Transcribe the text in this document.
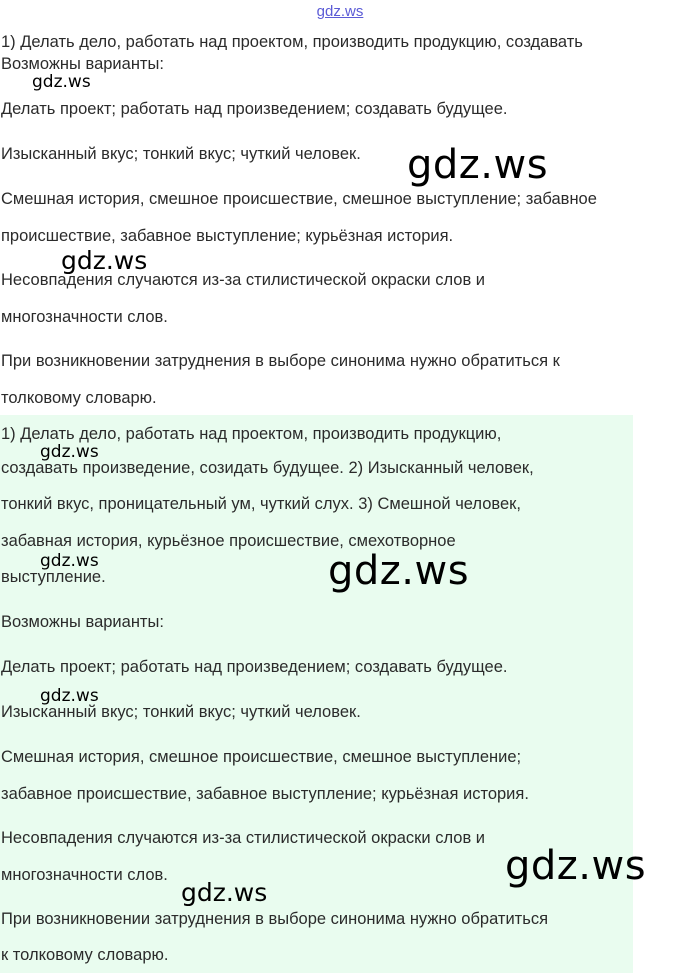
gdz.ws

1) Делать дело, работать над проектом, производить продукцию, создавать

Возможны варианты:

Делать проект; работать над произведением; создавать будущее.

Изысканный вкус; тонкий вкус; чуткий человек.

Смешная история, смешное происшествие, смешное выступление; забавное

происшествие, забавное выступление; курьёзная история.

Несовпадения случаются из-за стилистической окраски слов и

многозначности слов.

При возникновении затруднения в выборе синонима нужно обратиться к

толковому словарю.

1) Делать дело, работать над проектом, производить продукцию,

создавать произведение, созидать будущее. 2) Изысканный человек,

тонкий вкус, проницательный ум, чуткий слух. 3) Смешной человек,

забавная история, курьёзное происшествие, смехотворное

выступление.

Возможны варианты:

Делать проект; работать над произведением; создавать будущее.

Изысканный вкус; тонкий вкус; чуткий человек.

Смешная история, смешное происшествие, смешное выступление;

забавное происшествие, забавное выступление; курьёзная история.

Несовпадения случаются из-за стилистической окраски слов и

многозначности слов.

При возникновении затруднения в выборе синонима нужно обратиться

к толковому словарю.

gdz.ws
gdz.ws
gdz.ws
gdz.ws
gdz.ws	gdz.ws
gdz.ws
gdz.ws
gdz.ws
